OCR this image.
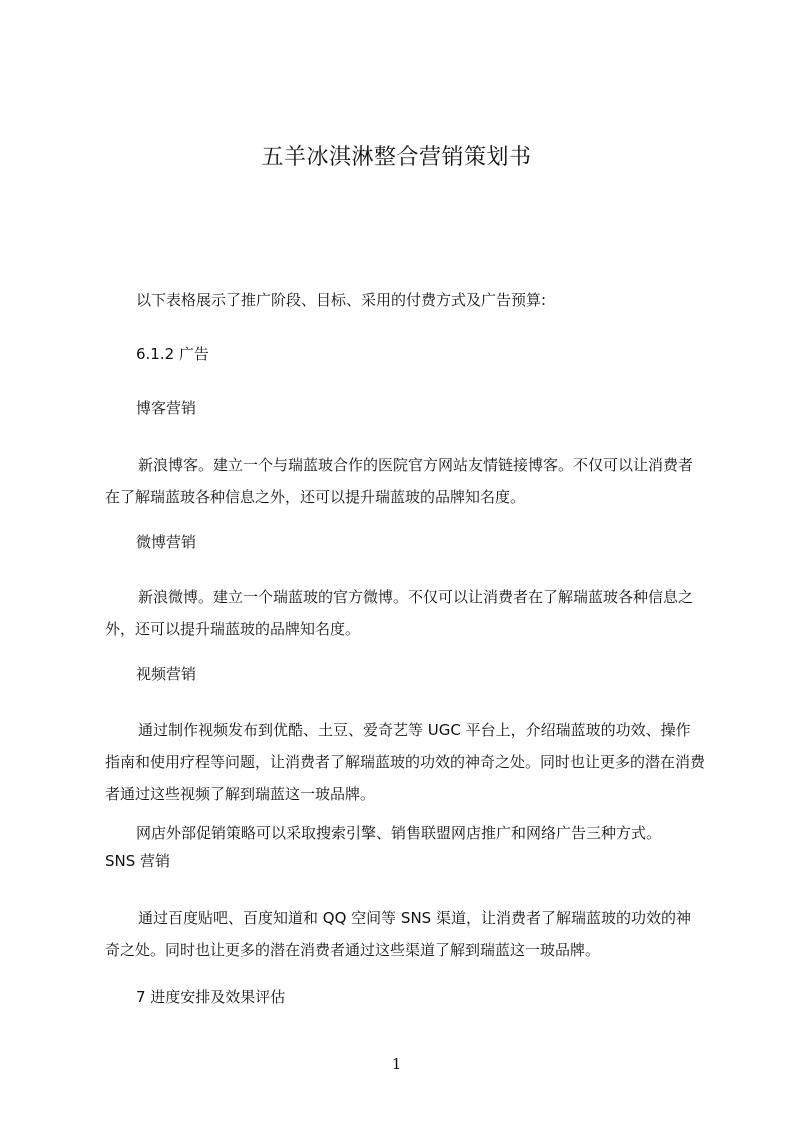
五羊冰淇淋整合营销策划书

以下表格展示了推广阶段、目标、采用的付费方式及广告预算:

6.1.2 广告

博客营销

新浪博客。建立一个与瑞蓝玻合作的医院官方网站友情链接博客。不仅可以让消费者在了解瑞蓝玻各种信息之外，还可以提升瑞蓝玻的品牌知名度。

微博营销

新浪微博。建立一个瑞蓝玻的官方微博。不仅可以让消费者在了解瑞蓝玻各种信息之外，还可以提升瑞蓝玻的品牌知名度。

视频营销

通过制作视频发布到优酷、土豆、爱奇艺等 UGC 平台上，介绍瑞蓝玻的功效、操作指南和使用疗程等问题，让消费者了解瑞蓝玻的功效的神奇之处。同时也让更多的潜在消费者通过这些视频了解到瑞蓝这一玻品牌。

网店外部促销策略可以采取搜索引擎、销售联盟网店推广和网络广告三种方式。

SNS 营销

通过百度贴吧、百度知道和 QQ 空间等 SNS 渠道，让消费者了解瑞蓝玻的功效的神奇之处。同时也让更多的潜在消费者通过这些渠道了解到瑞蓝这一玻品牌。

7 进度安排及效果评估

1
